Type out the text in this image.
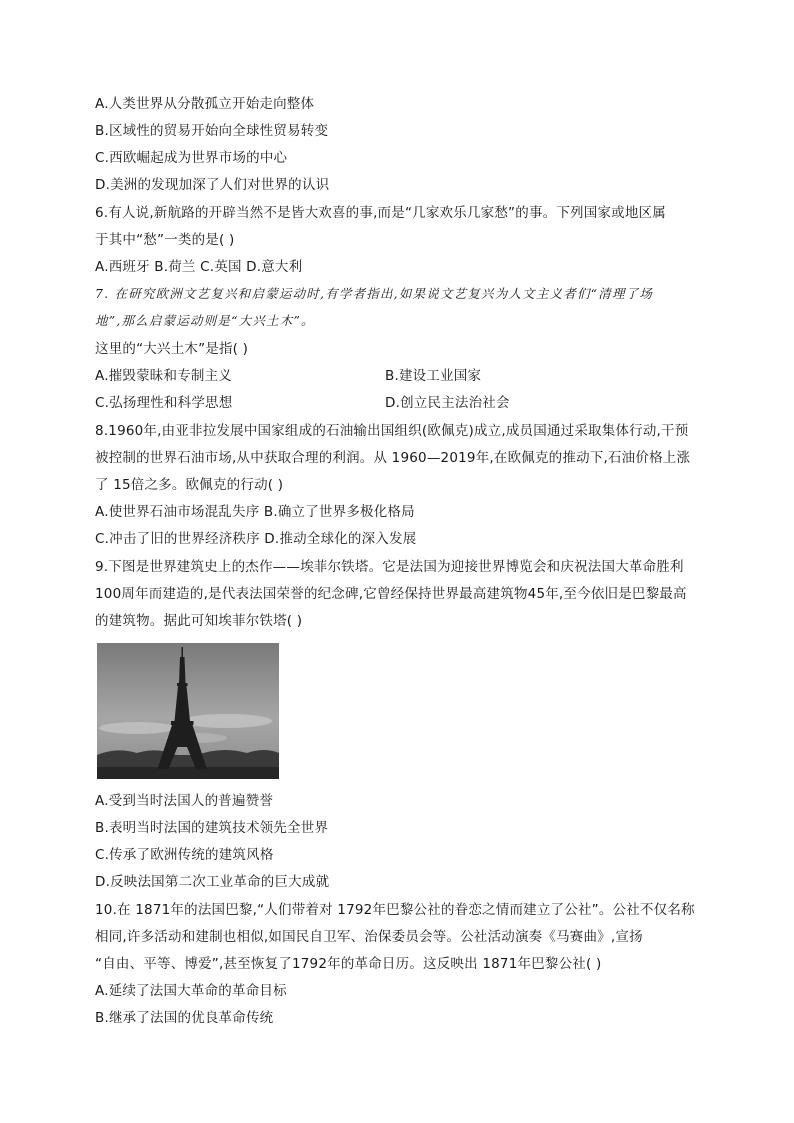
A.人类世界从分散孤立开始走向整体
B.区域性的贸易开始向全球性贸易转变
C.西欧崛起成为世界市场的中心
D.美洲的发现加深了人们对世界的认识
6.有人说,新航路的开辟当然不是皆大欢喜的事,而是“几家欢乐几家愁”的事。下列国家或地区属
于其中“愁”一类的是( )
A.西班牙 B.荷兰 C.英国 D.意大利
7. 在研究欧洲文艺复兴和启蒙运动时,有学者指出,如果说文艺复兴为人文主义者们“清理了场
地”,那么启蒙运动则是“大兴土木”。
这里的“大兴土木”是指( )
A.摧毁蒙昧和专制主义	B.建设工业国家
C.弘扬理性和科学思想	D.创立民主法治社会
8.1960年,由亚非拉发展中国家组成的石油输出国组织(欧佩克)成立,成员国通过采取集体行动,干预
被控制的世界石油市场,从中获取合理的利润。从 1960—2019年,在欧佩克的推动下,石油价格上涨
了 15倍之多。欧佩克的行动( )
A.使世界石油市场混乱失序 B.确立了世界多极化格局
C.冲击了旧的世界经济秩序 D.推动全球化的深入发展
9.下图是世界建筑史上的杰作——埃菲尔铁塔。它是法国为迎接世界博览会和庆祝法国大革命胜利
100周年而建造的,是代表法国荣誉的纪念碑,它曾经保持世界最高建筑物45年,至今依旧是巴黎最高
的建筑物。据此可知埃菲尔铁塔( )
A.受到当时法国人的普遍赞誉
B.表明当时法国的建筑技术领先全世界
C.传承了欧洲传统的建筑风格
D.反映法国第二次工业革命的巨大成就
10.在 1871年的法国巴黎,“人们带着对 1792年巴黎公社的眷恋之情而建立了公社”。公社不仅名称
相同,许多活动和建制也相似,如国民自卫军、治保委员会等。公社活动演奏《马赛曲》,宣扬
“自由、平等、博爱”,甚至恢复了1792年的革命日历。这反映出 1871年巴黎公社( )
A.延续了法国大革命的革命目标
B.继承了法国的优良革命传统
